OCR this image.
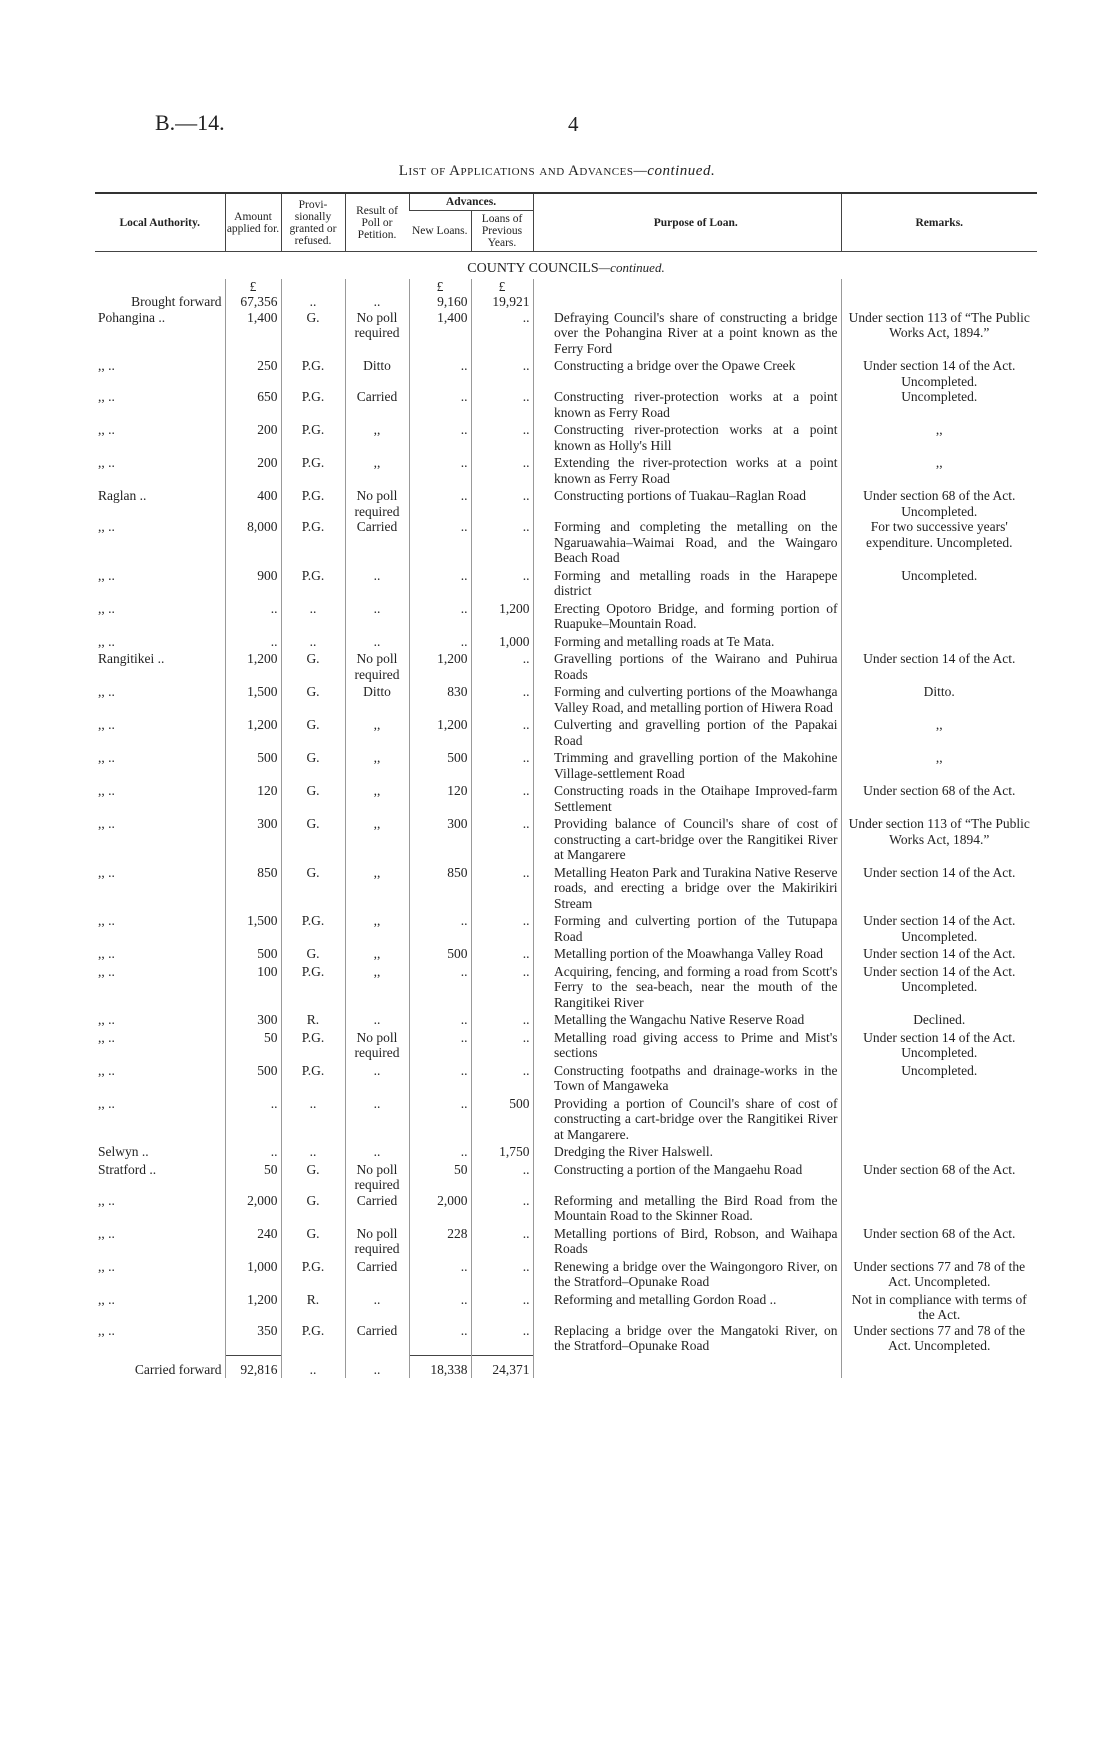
B.—14.	4
List of Applications and Advances—continued.
Local Authority.	Amount applied for.	Provi- sionally granted or refused.	Result of Poll or Petition.	Advances.			Purpose of Loan.	Remarks.
				New Loans.	Loans of Previous Years.			
COUNTY COUNCILS—continued.								
	£			£	£			
Brought forward	67,356	..	..	9,160	19,921			
Pohangina ..	1,400	G.	No poll required	1,400	..		Defraying Council's share of constructing a bridge over the Pohangina River at a point known as the Ferry Ford	Under section 113 of “The Public Works Act, 1894.”
,, ..	250	P.G.	Ditto	..	..		Constructing a bridge over the Opawe Creek	Under section 14 of the Act. Uncompleted.
,, ..	650	P.G.	Carried	..	..		Constructing river-protection works at a point known as Ferry Road	Uncompleted.
,, ..	200	P.G.	,,	..	..		Constructing river-protection works at a point known as Holly's Hill	,,
,, ..	200	P.G.	,,	..	..		Extending the river-protection works at a point known as Ferry Road	,,
Raglan ..	400	P.G.	No poll required	..	..		Constructing portions of Tuakau–Raglan Road	Under section 68 of the Act. Uncompleted.
,, ..	8,000	P.G.	Carried	..	..		Forming and completing the metalling on the Ngaruawahia–Waimai Road, and the Waingaro Beach Road	For two successive years' expenditure. Uncompleted.
,, ..	900	P.G.	..	..	..		Forming and metalling roads in the Harapepe district	Uncompleted.
,, ..	..	..	..	..	1,200		Erecting Opotoro Bridge, and forming portion of Ruapuke–Mountain Road.	
,, ..	..	..	..	..	1,000		Forming and metalling roads at Te Mata.	
Rangitikei ..	1,200	G.	No poll required	1,200	..		Gravelling portions of the Wairano and Puhirua Roads	Under section 14 of the Act.
,, ..	1,500	G.	Ditto	830	..		Forming and culverting portions of the Moawhanga Valley Road, and metalling portion of Hiwera Road	Ditto.
,, ..	1,200	G.	,,	1,200	..		Culverting and gravelling portion of the Papakai Road	,,
,, ..	500	G.	,,	500	..		Trimming and gravelling portion of the Makohine Village-settlement Road	,,
,, ..	120	G.	,,	120	..		Constructing roads in the Otaihape Improved-farm Settlement	Under section 68 of the Act.
,, ..	300	G.	,,	300	..		Providing balance of Council's share of cost of constructing a cart-bridge over the Rangitikei River at Mangarere	Under section 113 of “The Public Works Act, 1894.”
,, ..	850	G.	,,	850	..		Metalling Heaton Park and Turakina Native Reserve roads, and erecting a bridge over the Makirikiri Stream	Under section 14 of the Act.
,, ..	1,500	P.G.	,,	..	..		Forming and culverting portion of the Tutupapa Road	Under section 14 of the Act. Uncompleted.
,, ..	500	G.	,,	500	..		Metalling portion of the Moawhanga Valley Road	Under section 14 of the Act.
,, ..	100	P.G.	,,	..	..		Acquiring, fencing, and forming a road from Scott's Ferry to the sea-beach, near the mouth of the Rangitikei River	Under section 14 of the Act. Uncompleted.
,, ..	300	R.	..	..	..		Metalling the Wangachu Native Reserve Road	Declined.
,, ..	50	P.G.	No poll required	..	..		Metalling road giving access to Prime and Mist's sections	Under section 14 of the Act. Uncompleted.
,, ..	500	P.G.	..	..	..		Constructing footpaths and drainage-works in the Town of Mangaweka	Uncompleted.
,, ..	..	..	..	..	500		Providing a portion of Council's share of cost of constructing a cart-bridge over the Rangitikei River at Mangarere.	
Selwyn ..	..	..	..	..	1,750		Dredging the River Halswell.	
Stratford ..	50	G.	No poll required	50	..		Constructing a portion of the Mangaehu Road	Under section 68 of the Act.
,, ..	2,000	G.	Carried	2,000	..		Reforming and metalling the Bird Road from the Mountain Road to the Skinner Road.	
,, ..	240	G.	No poll required	228	..		Metalling portions of Bird, Robson, and Waihapa Roads	Under section 68 of the Act.
,, ..	1,000	P.G.	Carried	..	..		Renewing a bridge over the Waingongoro River, on the Stratford–Opunake Road	Under sections 77 and 78 of the Act. Uncompleted.
,, ..	1,200	R.	..	..	..		Reforming and metalling Gordon Road ..	Not in compliance with terms of the Act.
,, ..	350	P.G.	Carried	..	..		Replacing a bridge over the Mangatoki River, on the Stratford–Opunake Road	Under sections 77 and 78 of the Act. Uncompleted.
Carried forward	92,816	..	..	18,338	24,371			
